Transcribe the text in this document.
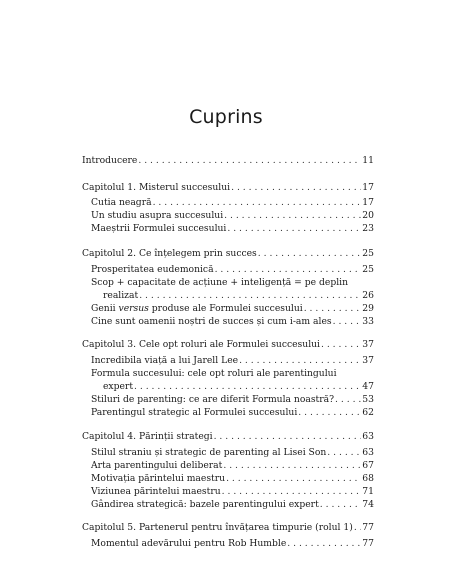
Cuprins
Introducere . . .	11
Capitolul 1. Misterul succesului . . .	17
Cutia neagră . . .	17
Un studiu asupra succesului . . .	20
Maeștrii Formulei succesului . . .	23
Capitolul 2. Ce înțelegem prin succes . . .	25
Prosperitatea eudemonică . . .	25
Scop + capacitate de acțiune + inteligență = pe deplin
realizat . . .	26
Genii versus produse ale Formulei succesului . . .	29
Cine sunt oamenii noștri de succes și cum i-am ales . . .	33
Capitolul 3. Cele opt roluri ale Formulei succesului . . .	37
Incredibila viață a lui Jarell Lee . . .	37
Formula succesului: cele opt roluri ale parentingului
expert . . .	47
Stiluri de parenting: ce are diferit Formula noastră? . . .	53
Parentingul strategic al Formulei succesului . . .	62
Capitolul 4. Părinții strategi . . .	63
Stilul straniu și strategic de parenting al Lisei Son . . .	63
Arta parentingului deliberat . . .	67
Motivația părintelui maestru . . .	68
Viziunea părintelui maestru . . .	71
Gândirea strategică: bazele parentingului expert . . .	74
Capitolul 5. Partenerul pentru învățarea timpurie (rolul 1) . . . 77
Momentul adevărului pentru Rob Humble . . .	77
